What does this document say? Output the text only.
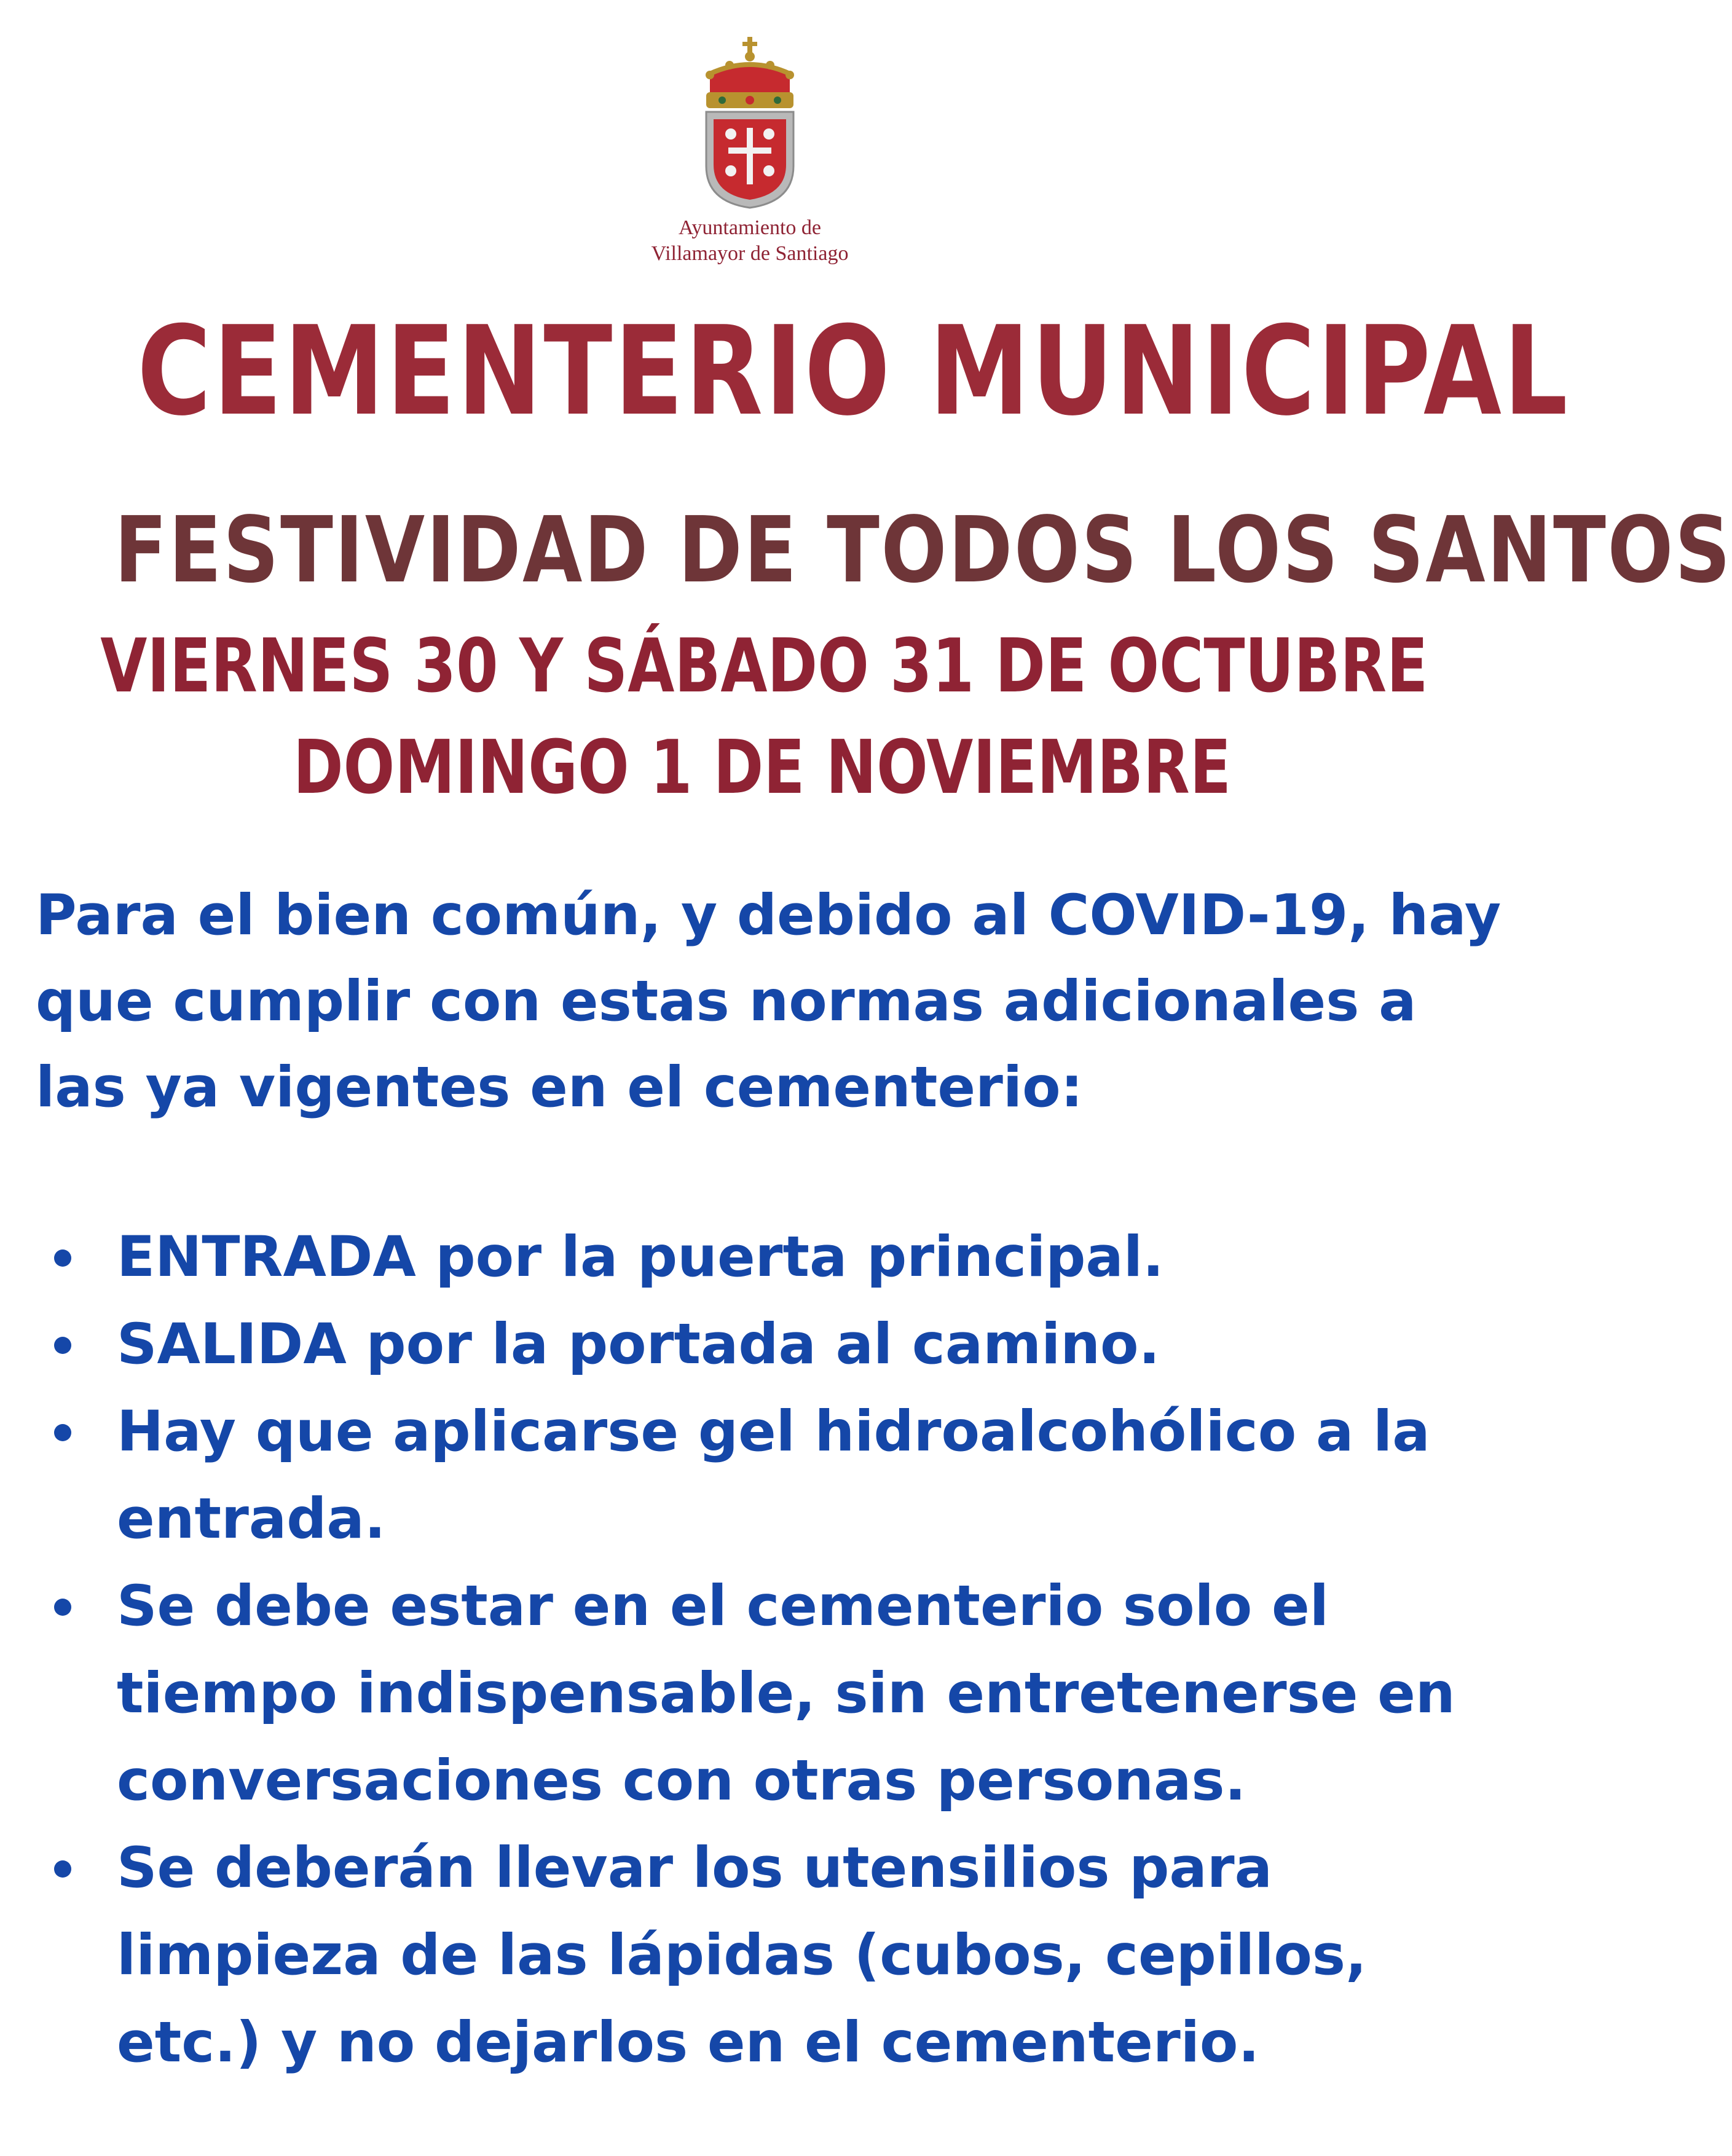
Ayuntamiento de
Villamayor de Santiago
CEMENTERIO MUNICIPAL
FESTIVIDAD DE TODOS LOS SANTOS
VIERNES 30 Y SÁBADO 31 DE OCTUBRE
DOMINGO 1 DE NOVIEMBRE

Para el bien común, y debido al COVID-19, hay que cumplir con estas normas adicionales a las ya vigentes en el cementerio:

ENTRADA por la puerta principal.
SALIDA por la portada al camino.
Hay que aplicarse gel hidroalcohólico a la entrada.
Se debe estar en el cementerio solo el tiempo indispensable, sin entretenerse en conversaciones con otras personas.
Se deberán llevar los utensilios para limpieza de las lápidas (cubos, cepillos, etc.) y no dejarlos en el cementerio.
